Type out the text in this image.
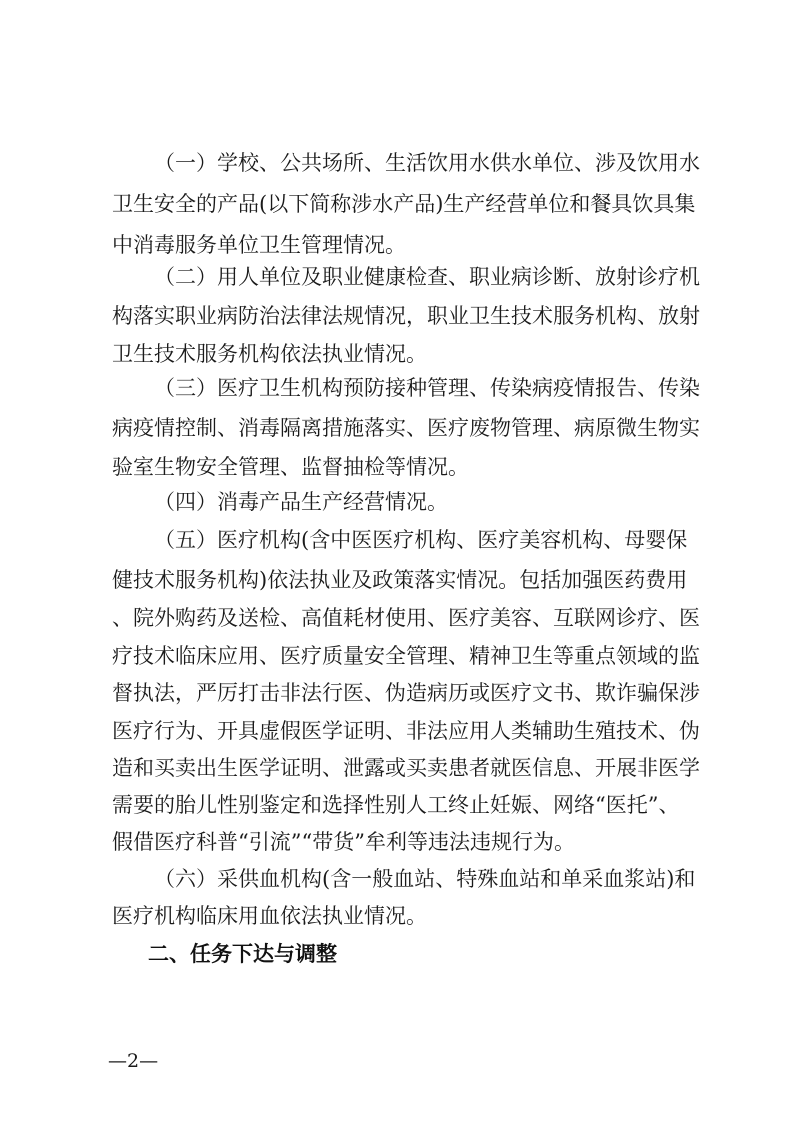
（一）学校、公共场所、生活饮用水供水单位、涉及饮用水

卫生安全的产品(以下简称涉水产品)生产经营单位和餐具饮具集

中消毒服务单位卫生管理情况。

（二）用人单位及职业健康检查、职业病诊断、放射诊疗机

构落实职业病防治法律法规情况，职业卫生技术服务机构、放射

卫生技术服务机构依法执业情况。

（三）医疗卫生机构预防接种管理、传染病疫情报告、传染

病疫情控制、消毒隔离措施落实、医疗废物管理、病原微生物实

验室生物安全管理、监督抽检等情况。

（四）消毒产品生产经营情况。

（五）医疗机构(含中医医疗机构、医疗美容机构、母婴保

健技术服务机构)依法执业及政策落实情况。包括加强医药费用

、院外购药及送检、高值耗材使用、医疗美容、互联网诊疗、医

疗技术临床应用、医疗质量安全管理、精神卫生等重点领域的监

督执法，严厉打击非法行医、伪造病历或医疗文书、欺诈骗保涉

医疗行为、开具虚假医学证明、非法应用人类辅助生殖技术、伪

造和买卖出生医学证明、泄露或买卖患者就医信息、开展非医学

需要的胎儿性别鉴定和选择性别人工终止妊娠、网络“医托”、

假借医疗科普“引流”“带货”牟利等违法违规行为。

（六）采供血机构(含一般血站、特殊血站和单采血浆站)和

医疗机构临床用血依法执业情况。

二、任务下达与调整
—2—
